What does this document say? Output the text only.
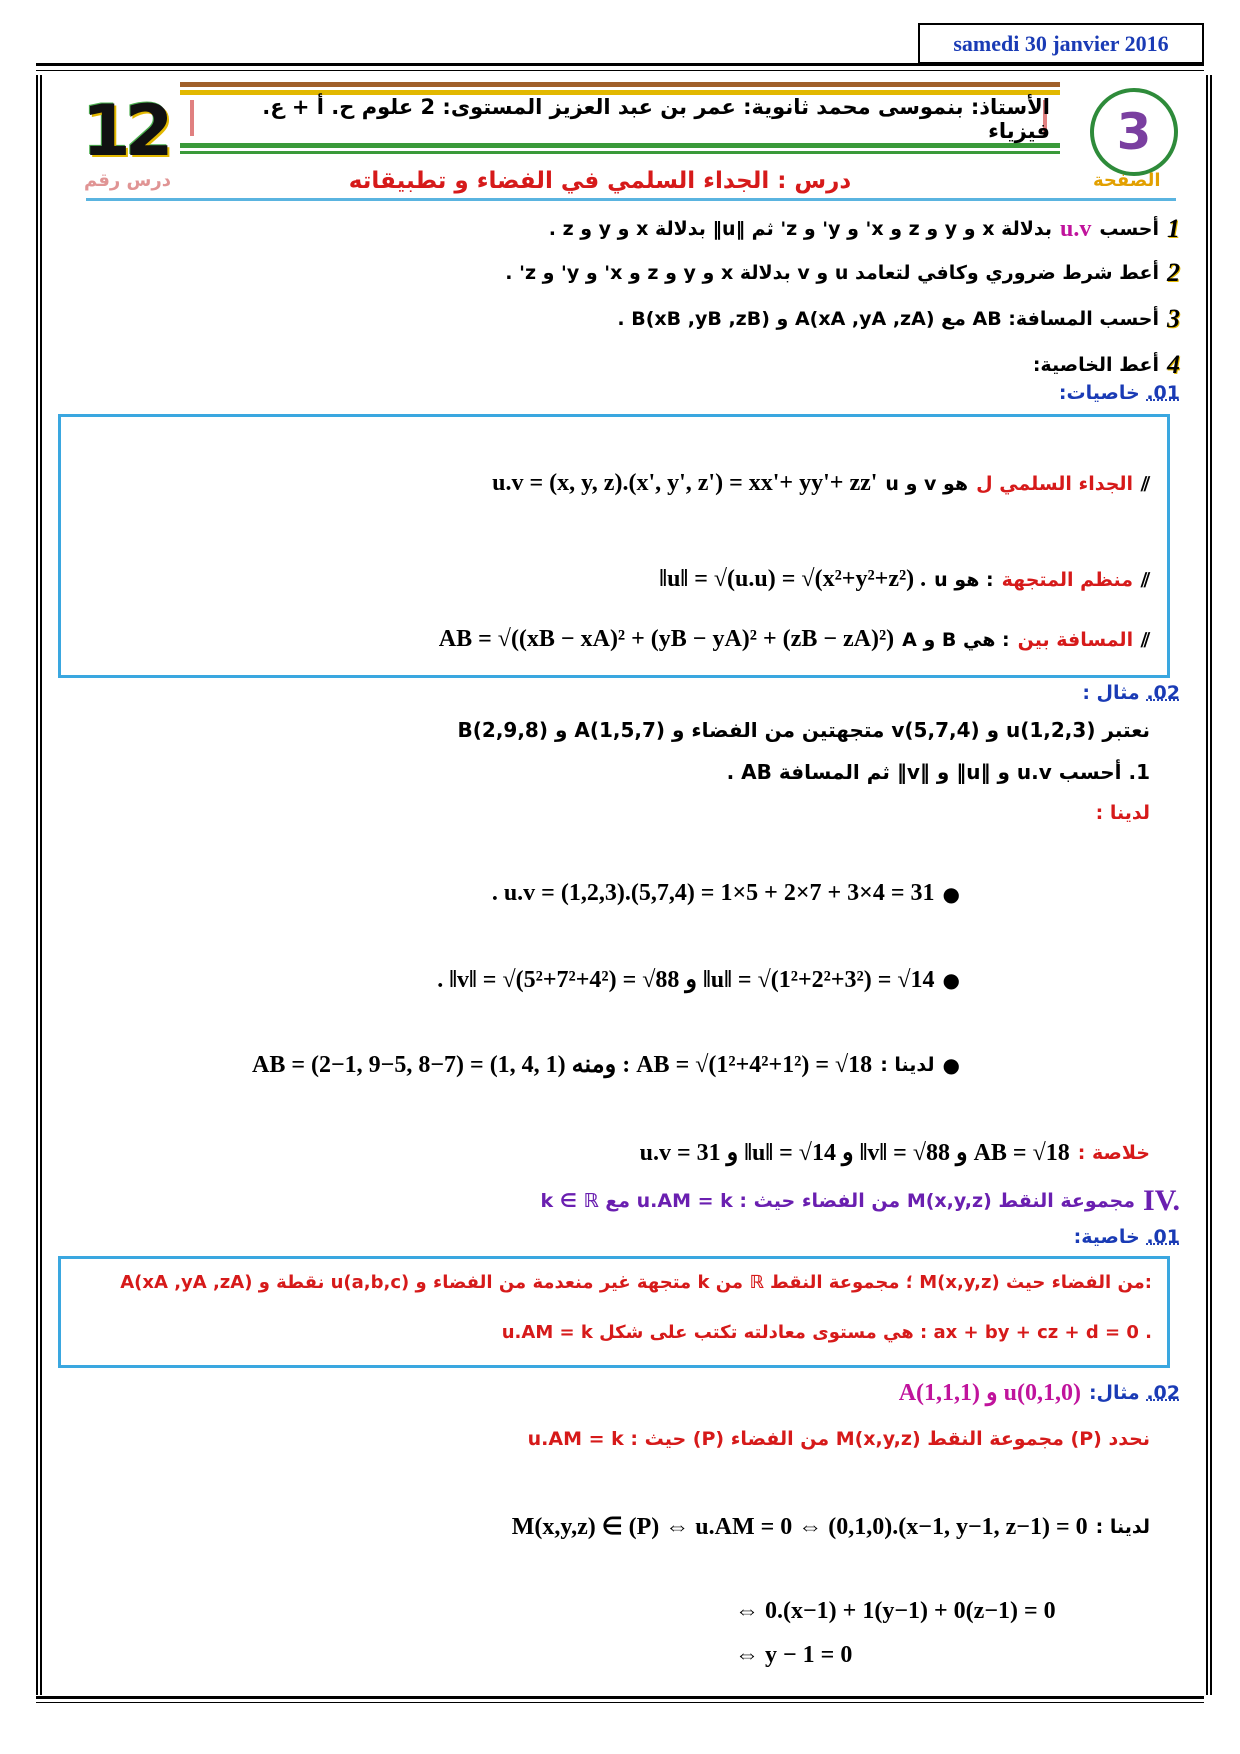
samedi 30 janvier 2016
الأستاذ: بنموسى محمد ثانوية: عمر بن عبد العزيز المستوى: 2 علوم ح. أ + ع. فيزياء
12
درس رقم
3
الصفحة
درس : الجداء السلمي في الفضاء و تطبيقاته
1
أحسب
u.v
بدلالة x و y و z و x' و y' و z' ثم ‖u‖ بدلالة x و y و z .
2
أعط شرط ضروري وكافي لتعامد u و v بدلالة x و y و z و x' و y' و z' .
3
أحسب المسافة: AB مع A(xA ,yA ,zA) و B(xB ,yB ,zB) .
4
أعط الخاصية:
01. خاصيات:
⫽
الجداء السلمي ل
u و v هو
u.v = (x, y, z).(x', y', z') = xx'+ yy'+ zz'
⫽
منظم المتجهة
u هو :
‖u‖ = √(u.u) = √(x²+y²+z²) .
⫽
المسافة بين
A و B هي :
AB = √((xB − xA)² + (yB − yA)² + (zB − zA)²)
02. مثال :
نعتبر u(1,2,3) و v(5,7,4) متجهتين من الفضاء و A(1,5,7) و B(2,9,8)
1. أحسب u.v و ‖u‖ و ‖v‖ ثم المسافة AB .
لدينا :
●
. u.v = (1,2,3).(5,7,4) = 1×5 + 2×7 + 3×4 = 31
●
. ‖v‖ = √(5²+7²+4²) = √88 و ‖u‖ = √(1²+2²+3²) = √14
●
لدينا :
AB = (2−1, 9−5, 8−7) = (1, 4, 1) ومنه : AB = √(1²+4²+1²) = √18
خلاصة :
u.v = 31 و ‖u‖ = √14 و ‖v‖ = √88 و AB = √18
IV.
مجموعة النقط M(x,y,z) من الفضاء حيث : u.AM = k مع k ∈ ℝ
01. خاصية:
A(xA ,yA ,zA) نقطة و u(a,b,c) متجهة غير منعدمة من الفضاء و k من ℝ ؛ مجموعة النقط M(x,y,z) من الفضاء حيث:
u.AM = k هي مستوى معادلته تكتب على شكل : ax + by + cz + d = 0 .
02. مثال:
A(1,1,1) و u(0,1,0)
نحدد (P) مجموعة النقط M(x,y,z) من الفضاء (P) حيث : u.AM = k
لدينا :
M(x,y,z) ∈ (P) ⇔ u.AM = 0 ⇔ (0,1,0).(x−1, y−1, z−1) = 0
⇔ 0.(x−1) + 1(y−1) + 0(z−1) = 0
⇔ y − 1 = 0
